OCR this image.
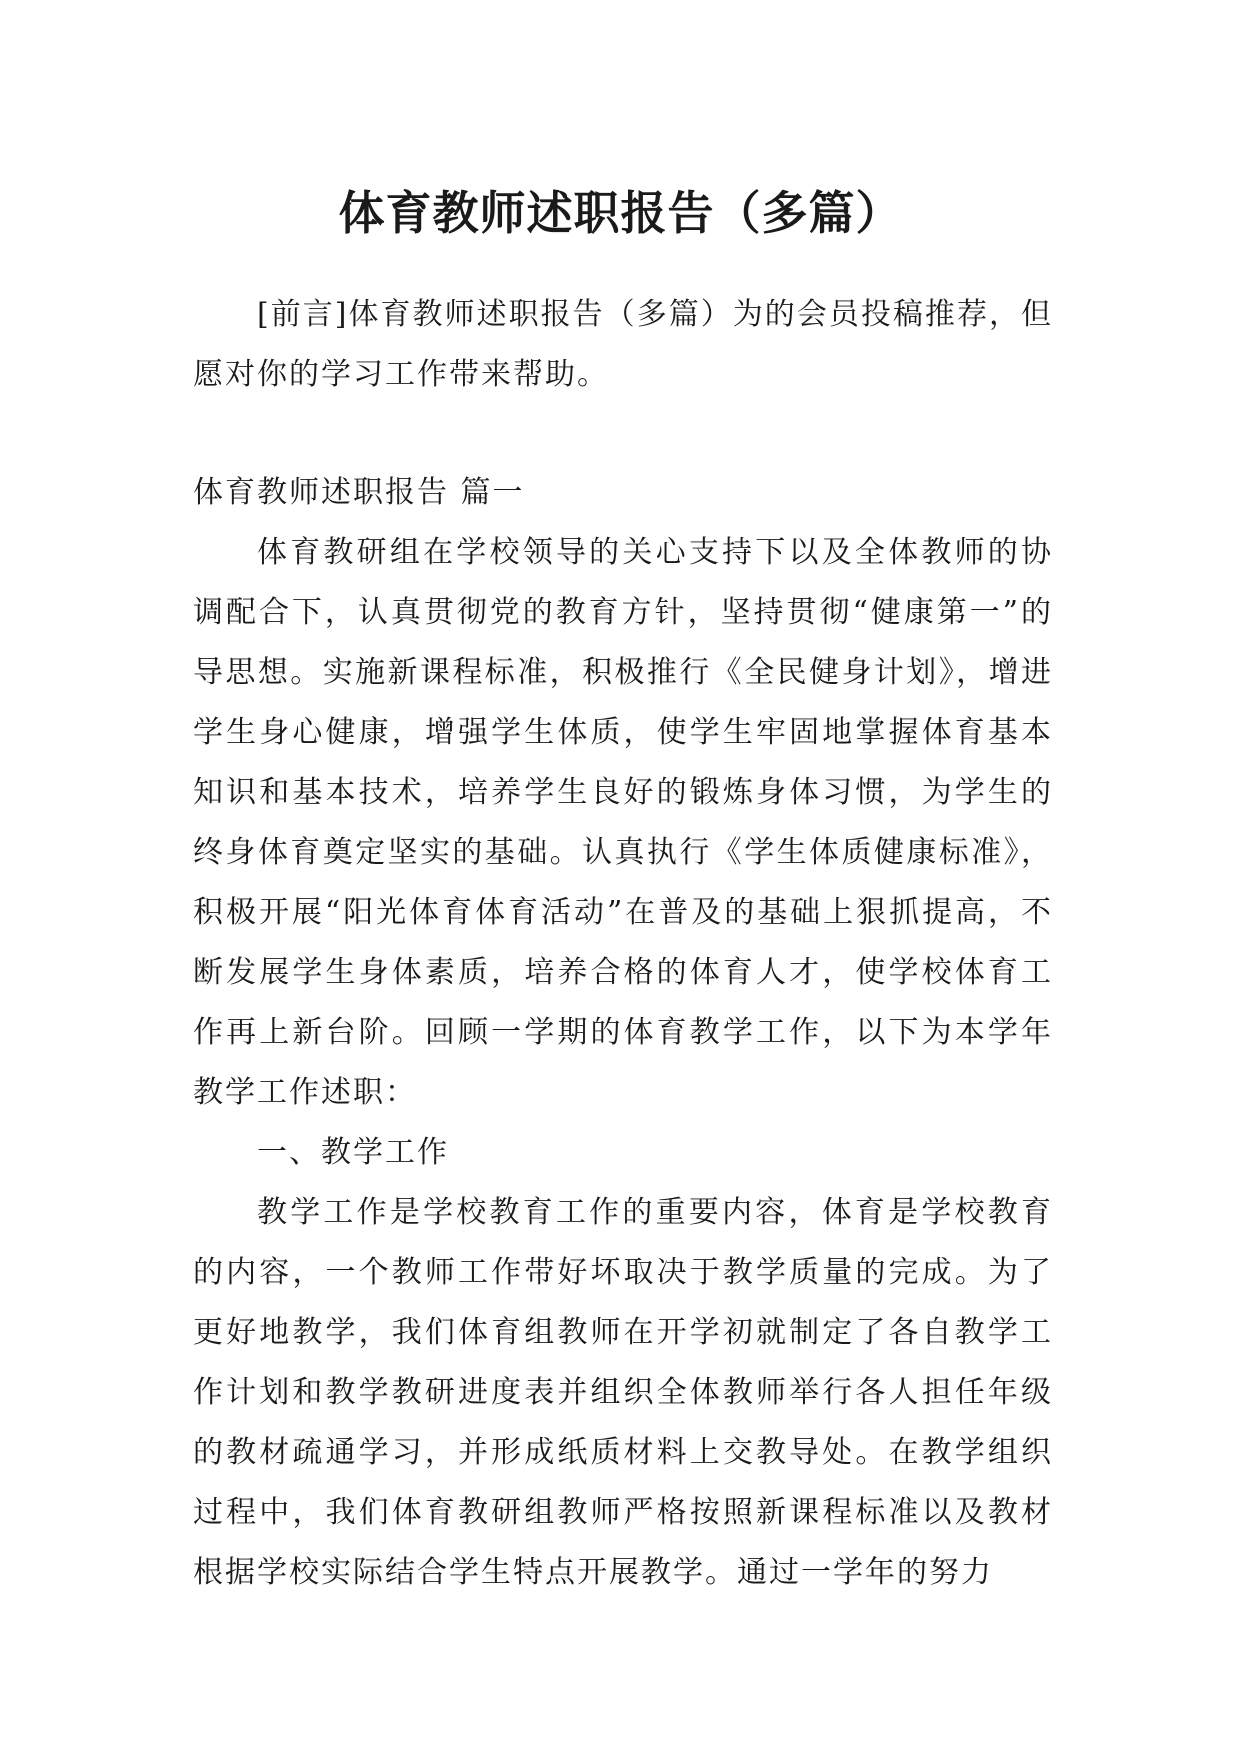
体育教师述职报告（多篇）

[前言]体育教师述职报告（多篇）为的会员投稿推荐，但愿对你的学习工作带来帮助。

体育教师述职报告 篇一

体育教研组在学校领导的关心支持下以及全体教师的协调配合下，认真贯彻党的教育方针，坚持贯彻“健康第一”的导思想。实施新课程标准，积极推行《全民健身计划》，增进学生身心健康，增强学生体质，使学生牢固地掌握体育基本知识和基本技术，培养学生良好的锻炼身体习惯，为学生的终身体育奠定坚实的基础。认真执行《学生体质健康标准》，积极开展“阳光体育体育活动”在普及的基础上狠抓提高，不断发展学生身体素质，培养合格的体育人才，使学校体育工作再上新台阶。回顾一学期的体育教学工作，以下为本学年教学工作述职：

一、教学工作

教学工作是学校教育工作的重要内容，体育是学校教育的内容，一个教师工作带好坏取决于教学质量的完成。为了更好地教学，我们体育组教师在开学初就制定了各自教学工作计划和教学教研进度表并组织全体教师举行各人担任年级的教材疏通学习，并形成纸质材料上交教导处。在教学组织过程中，我们体育教研组教师严格按照新课程标准以及教材根据学校实际结合学生特点开展教学。通过一学年的努力
